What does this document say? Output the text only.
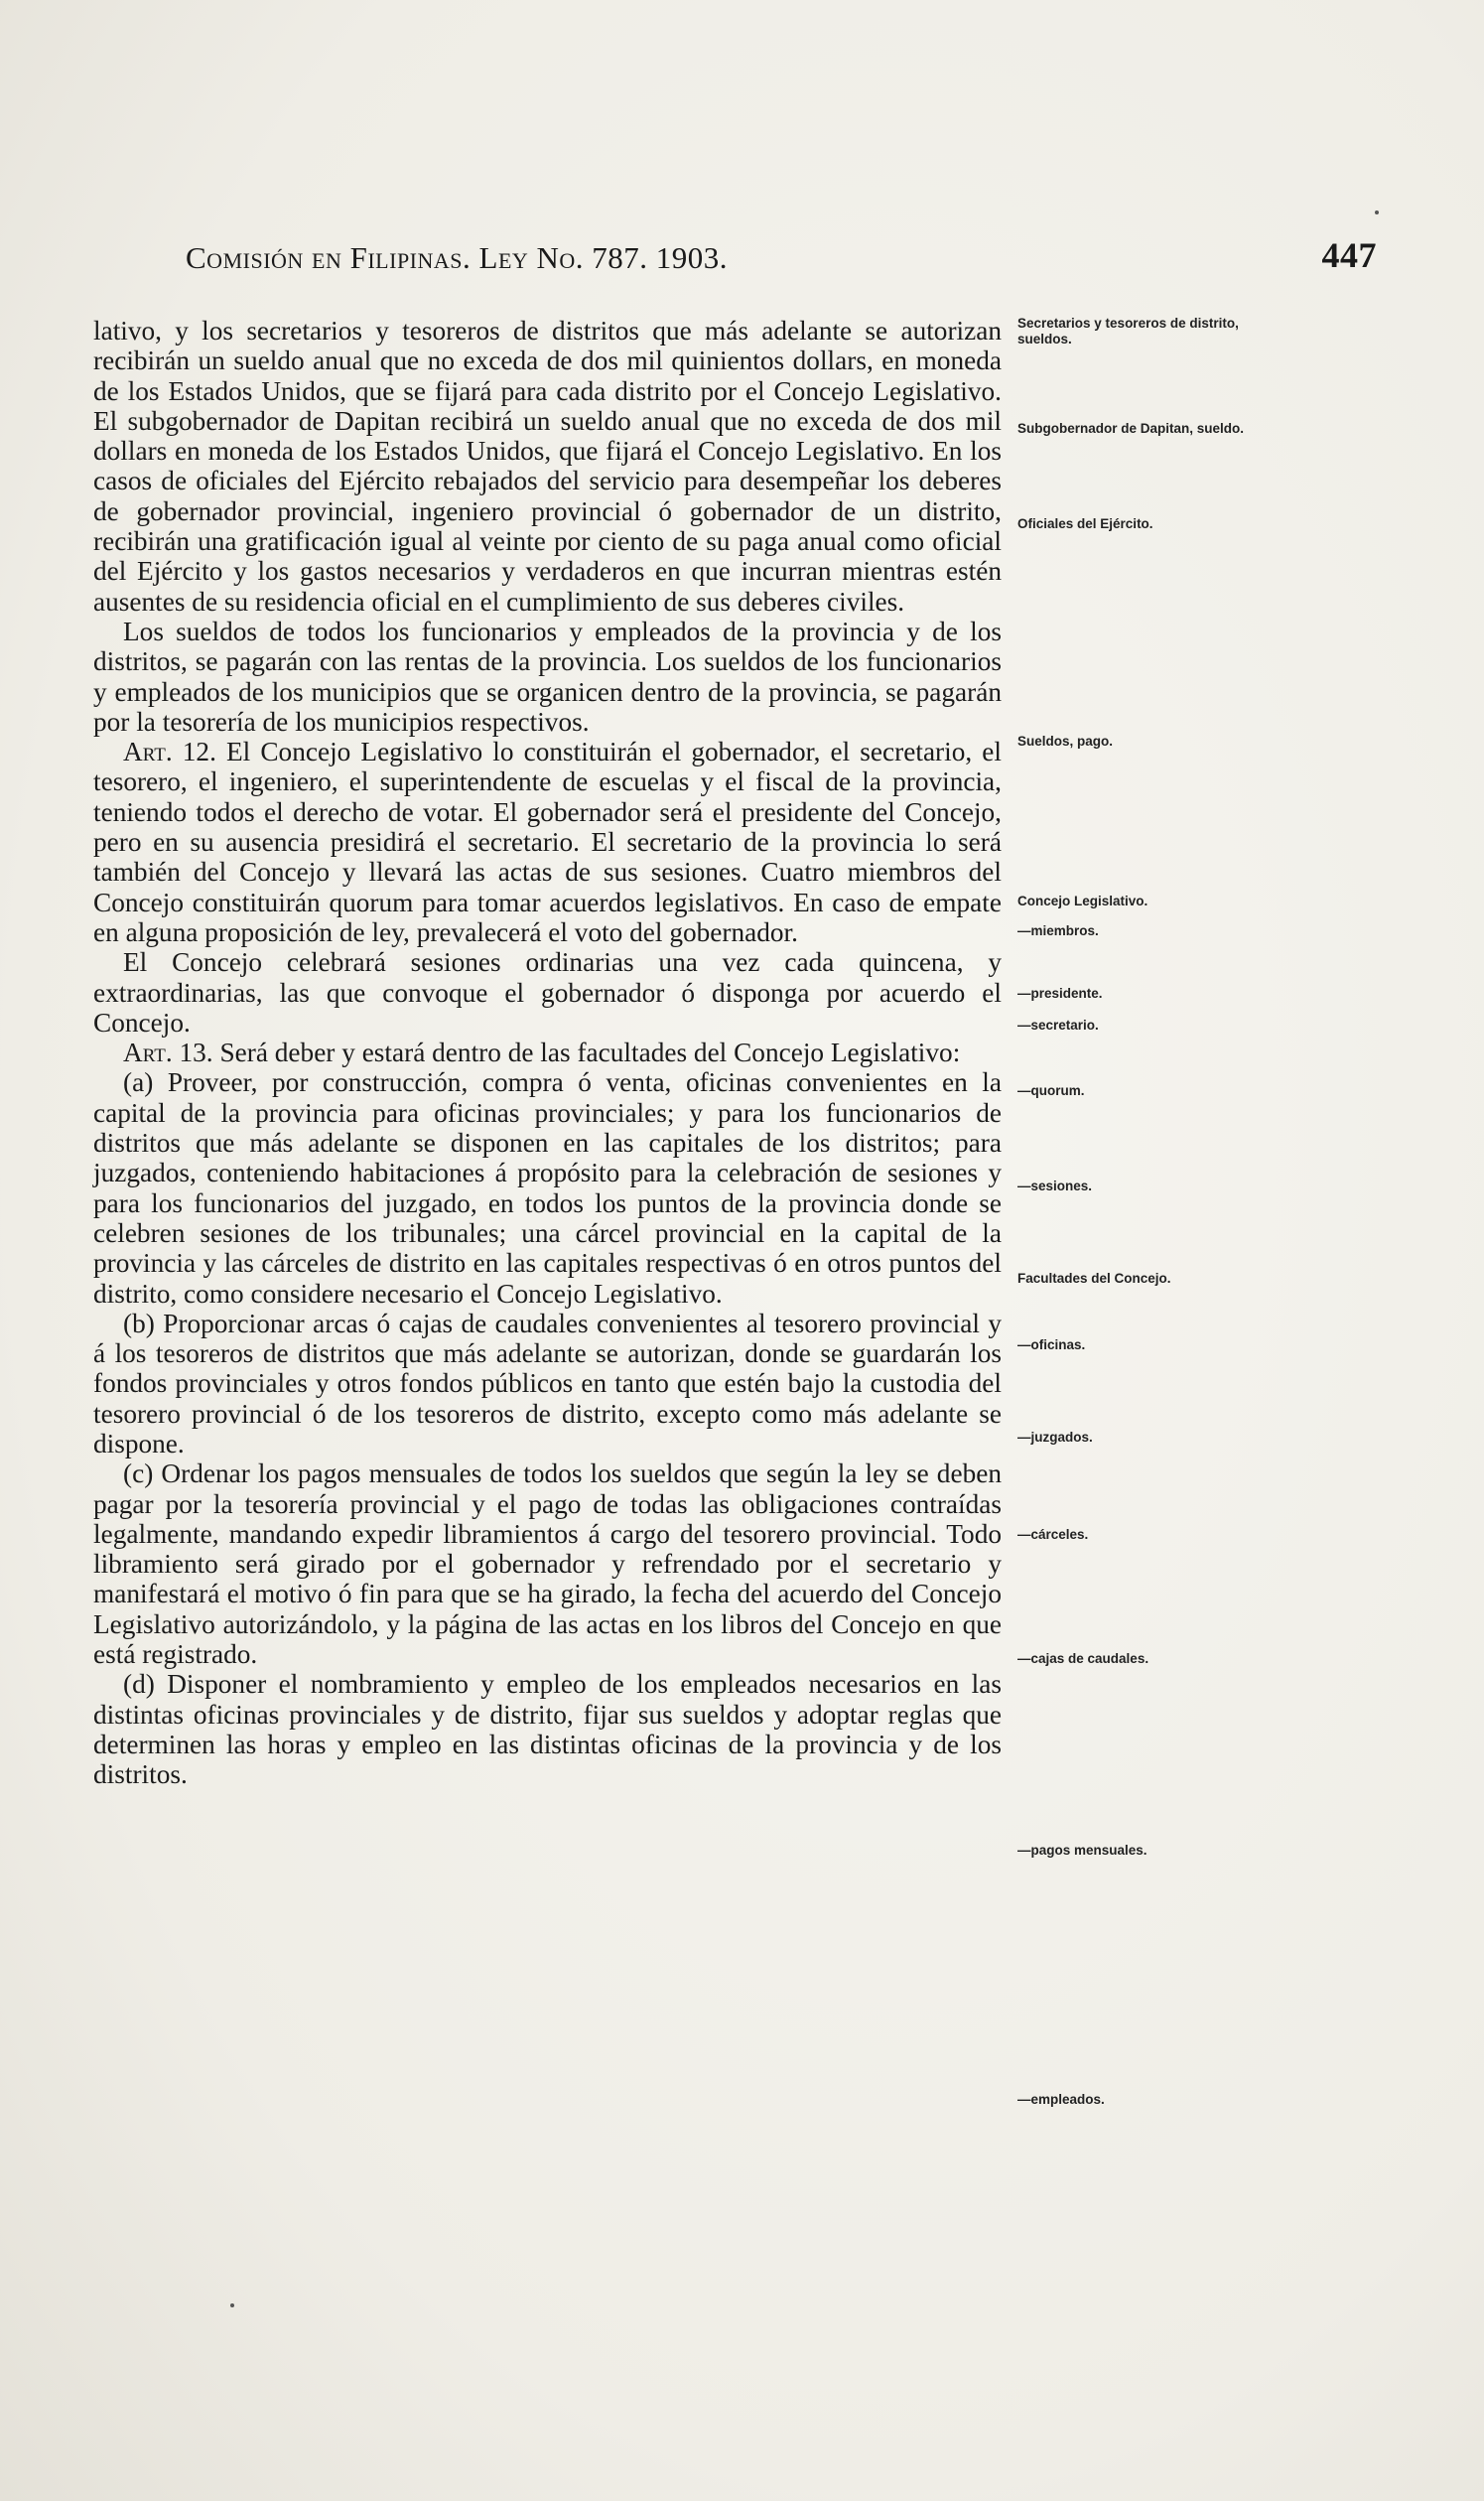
Comisión en Filipinas. Ley No. 787. 1903.	447

lativo, y los secretarios y tesoreros de distritos que más adelante se autorizan recibirán un sueldo anual que no exceda de dos mil quinientos dollars, en moneda de los Estados Unidos, que se fijará para cada distrito por el Concejo Legislativo. El subgobernador de Dapitan recibirá un sueldo anual que no exceda de dos mil dollars en moneda de los Estados Unidos, que fijará el Concejo Legislativo. En los casos de oficiales del Ejército rebajados del servicio para desempeñar los deberes de gobernador provincial, ingeniero provincial ó gobernador de un distrito, recibirán una gratificación igual al veinte por ciento de su paga anual como oficial del Ejército y los gastos necesarios y verdaderos en que incurran mientras estén ausentes de su residencia oficial en el cumplimiento de sus deberes civiles.

Los sueldos de todos los funcionarios y empleados de la provincia y de los distritos, se pagarán con las rentas de la provincia. Los sueldos de los funcionarios y empleados de los municipios que se organicen dentro de la provincia, se pagarán por la tesorería de los municipios respectivos.

Art. 12. El Concejo Legislativo lo constituirán el gobernador, el secretario, el tesorero, el ingeniero, el superintendente de escuelas y el fiscal de la provincia, teniendo todos el derecho de votar. El gobernador será el presidente del Concejo, pero en su ausencia presidirá el secretario. El secretario de la provincia lo será también del Concejo y llevará las actas de sus sesiones. Cuatro miembros del Concejo constituirán quorum para tomar acuerdos legislativos. En caso de empate en alguna proposición de ley, prevalecerá el voto del gobernador.

El Concejo celebrará sesiones ordinarias una vez cada quincena, y extraordinarias, las que convoque el gobernador ó disponga por acuerdo el Concejo.

Art. 13. Será deber y estará dentro de las facultades del Concejo Legislativo:

(a) Proveer, por construcción, compra ó venta, oficinas convenientes en la capital de la provincia para oficinas provinciales; y para los funcionarios de distritos que más adelante se disponen en las capitales de los distritos; para juzgados, conteniendo habitaciones á propósito para la celebración de sesiones y para los funcionarios del juzgado, en todos los puntos de la provincia donde se celebren sesiones de los tribunales; una cárcel provincial en la capital de la provincia y las cárceles de distrito en las capitales respectivas ó en otros puntos del distrito, como considere necesario el Concejo Legislativo.

(b) Proporcionar arcas ó cajas de caudales convenientes al tesorero provincial y á los tesoreros de distritos que más adelante se autorizan, donde se guardarán los fondos provinciales y otros fondos públicos en tanto que estén bajo la custodia del tesorero provincial ó de los tesoreros de distrito, excepto como más adelante se dispone.

(c) Ordenar los pagos mensuales de todos los sueldos que según la ley se deben pagar por la tesorería provincial y el pago de todas las obligaciones contraídas legalmente, mandando expedir libramientos á cargo del tesorero provincial. Todo libramiento será girado por el gobernador y refrendado por el secretario y manifestará el motivo ó fin para que se ha girado, la fecha del acuerdo del Concejo Legislativo autorizándolo, y la página de las actas en los libros del Concejo en que está registrado.

(d) Disponer el nombramiento y empleo de los empleados necesarios en las distintas oficinas provinciales y de distrito, fijar sus sueldos y adoptar reglas que determinen las horas y empleo en las distintas oficinas de la provincia y de los distritos.

Secretarios y tesoreros de distrito, sueldos.
Subgobernador de Dapitan, sueldo.
Oficiales del Ejército.
Sueldos, pago.
Concejo Legislativo.
—miembros.
—presidente.
—secretario.
—quorum.
—sesiones.
Facultades del Concejo.
—oficinas.
—juzgados.
—cárceles.
—cajas de caudales.
—pagos mensuales.
—empleados.
